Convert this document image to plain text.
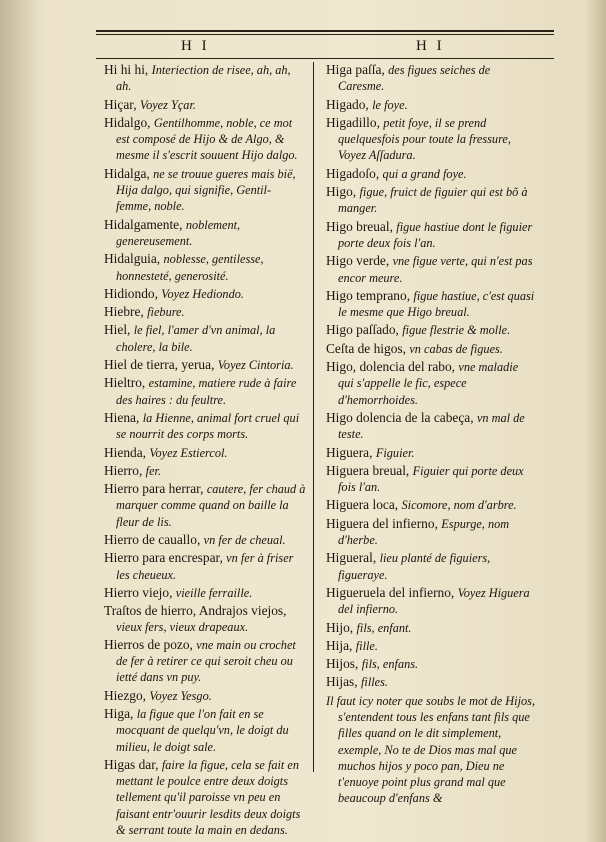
H I	H I
Hi hi hi, Interiection de risee, ah, ah, ah.
Hiçar, Voyez Yçar.
Hidalgo, Gentilhomme, noble, ce mot est composé de Hijo & de Algo, & mesme il s'escrit souuent Hijo dalgo.
Hidalga, ne se trouue gueres mais bië, Hija dalgo, qui signifie, Gentil-femme, noble.
Hidalgamente, noblement, genereusement.
Hidalguia, noblesse, gentilesse, honnesteté, generosité.
Hidiondo, Voyez Hediondo.
Hiebre, fiebure.
Hiel, le fiel, l'amer d'vn animal, la cholere, la bile.
Hiel de tierra, yerua, Voyez Cintoria.
Hieltro, estamine, matiere rude à faire des haires : du feultre.
Hiena, la Hienne, animal fort cruel qui se nourrit des corps morts.
Hienda, Voyez Estiercol.
Hierro, fer.
Hierro para herrar, cautere, fer chaud à marquer comme quand on baille la fleur de lis.
Hierro de cauallo, vn fer de cheual.
Hierro para encrespar, vn fer à friser les cheueux.
Hierro viejo, vieille ferraille.
Traſtos de hierro, Andrajos viejos, vieux fers, vieux drapeaux.
Hierros de pozo, vne main ou crochet de fer à retirer ce qui seroit cheu ou ietté dans vn puy.
Hiezgo, Voyez Yesgo.
Higa, la figue que l'on fait en se mocquant de quelqu'vn, le doigt du milieu, le doigt sale.
Higas dar, faire la figue, cela se fait en mettant le poulce entre deux doigts tellement qu'il paroisse vn peu en faisant entr'ouurir lesdits deux doigts & serrant toute la main en dedans.
Higa paſſa, des figues seiches de Caresme.
Higado, le foye.
Higadillo, petit foye, il se prend quelquesfois pour toute la fressure, Voyez Aſſadura.
Higadoſo, qui a grand foye.
Higo, figue, fruict de figuier qui est bõ à manger.
Higo breual, figue hastiue dont le figuier porte deux fois l'an.
Higo verde, vne figue verte, qui n'est pas encor meure.
Higo temprano, figue hastiue, c'est quasi le mesme que Higo breual.
Higo paſſado, figue flestrie & molle.
Ceſta de higos, vn cabas de figues.
Higo, dolencia del rabo, vne maladie qui s'appelle le fic, espece d'hemorrhoides.
Higo dolencia de la cabeça, vn mal de teste.
Higuera, Figuier.
Higuera breual, Figuier qui porte deux fois l'an.
Higuera loca, Sicomore, nom d'arbre.
Higuera del infierno, Espurge, nom d'herbe.
Higueral, lieu planté de figuiers, figueraye.
Higueruela del infierno, Voyez Higuera del infierno.
Hijo, fils, enfant.
Hija, fille.
Hijos, fils, enfans.
Hijas, filles.
Il faut icy noter que soubs le mot de Hijos, s'entendent tous les enfans tant fils que filles quand on le dit simplement, exemple, No te de Dios mas mal que muchos hijos y poco pan, Dieu ne t'enuoye point plus grand mal que beaucoup d'enfans &
